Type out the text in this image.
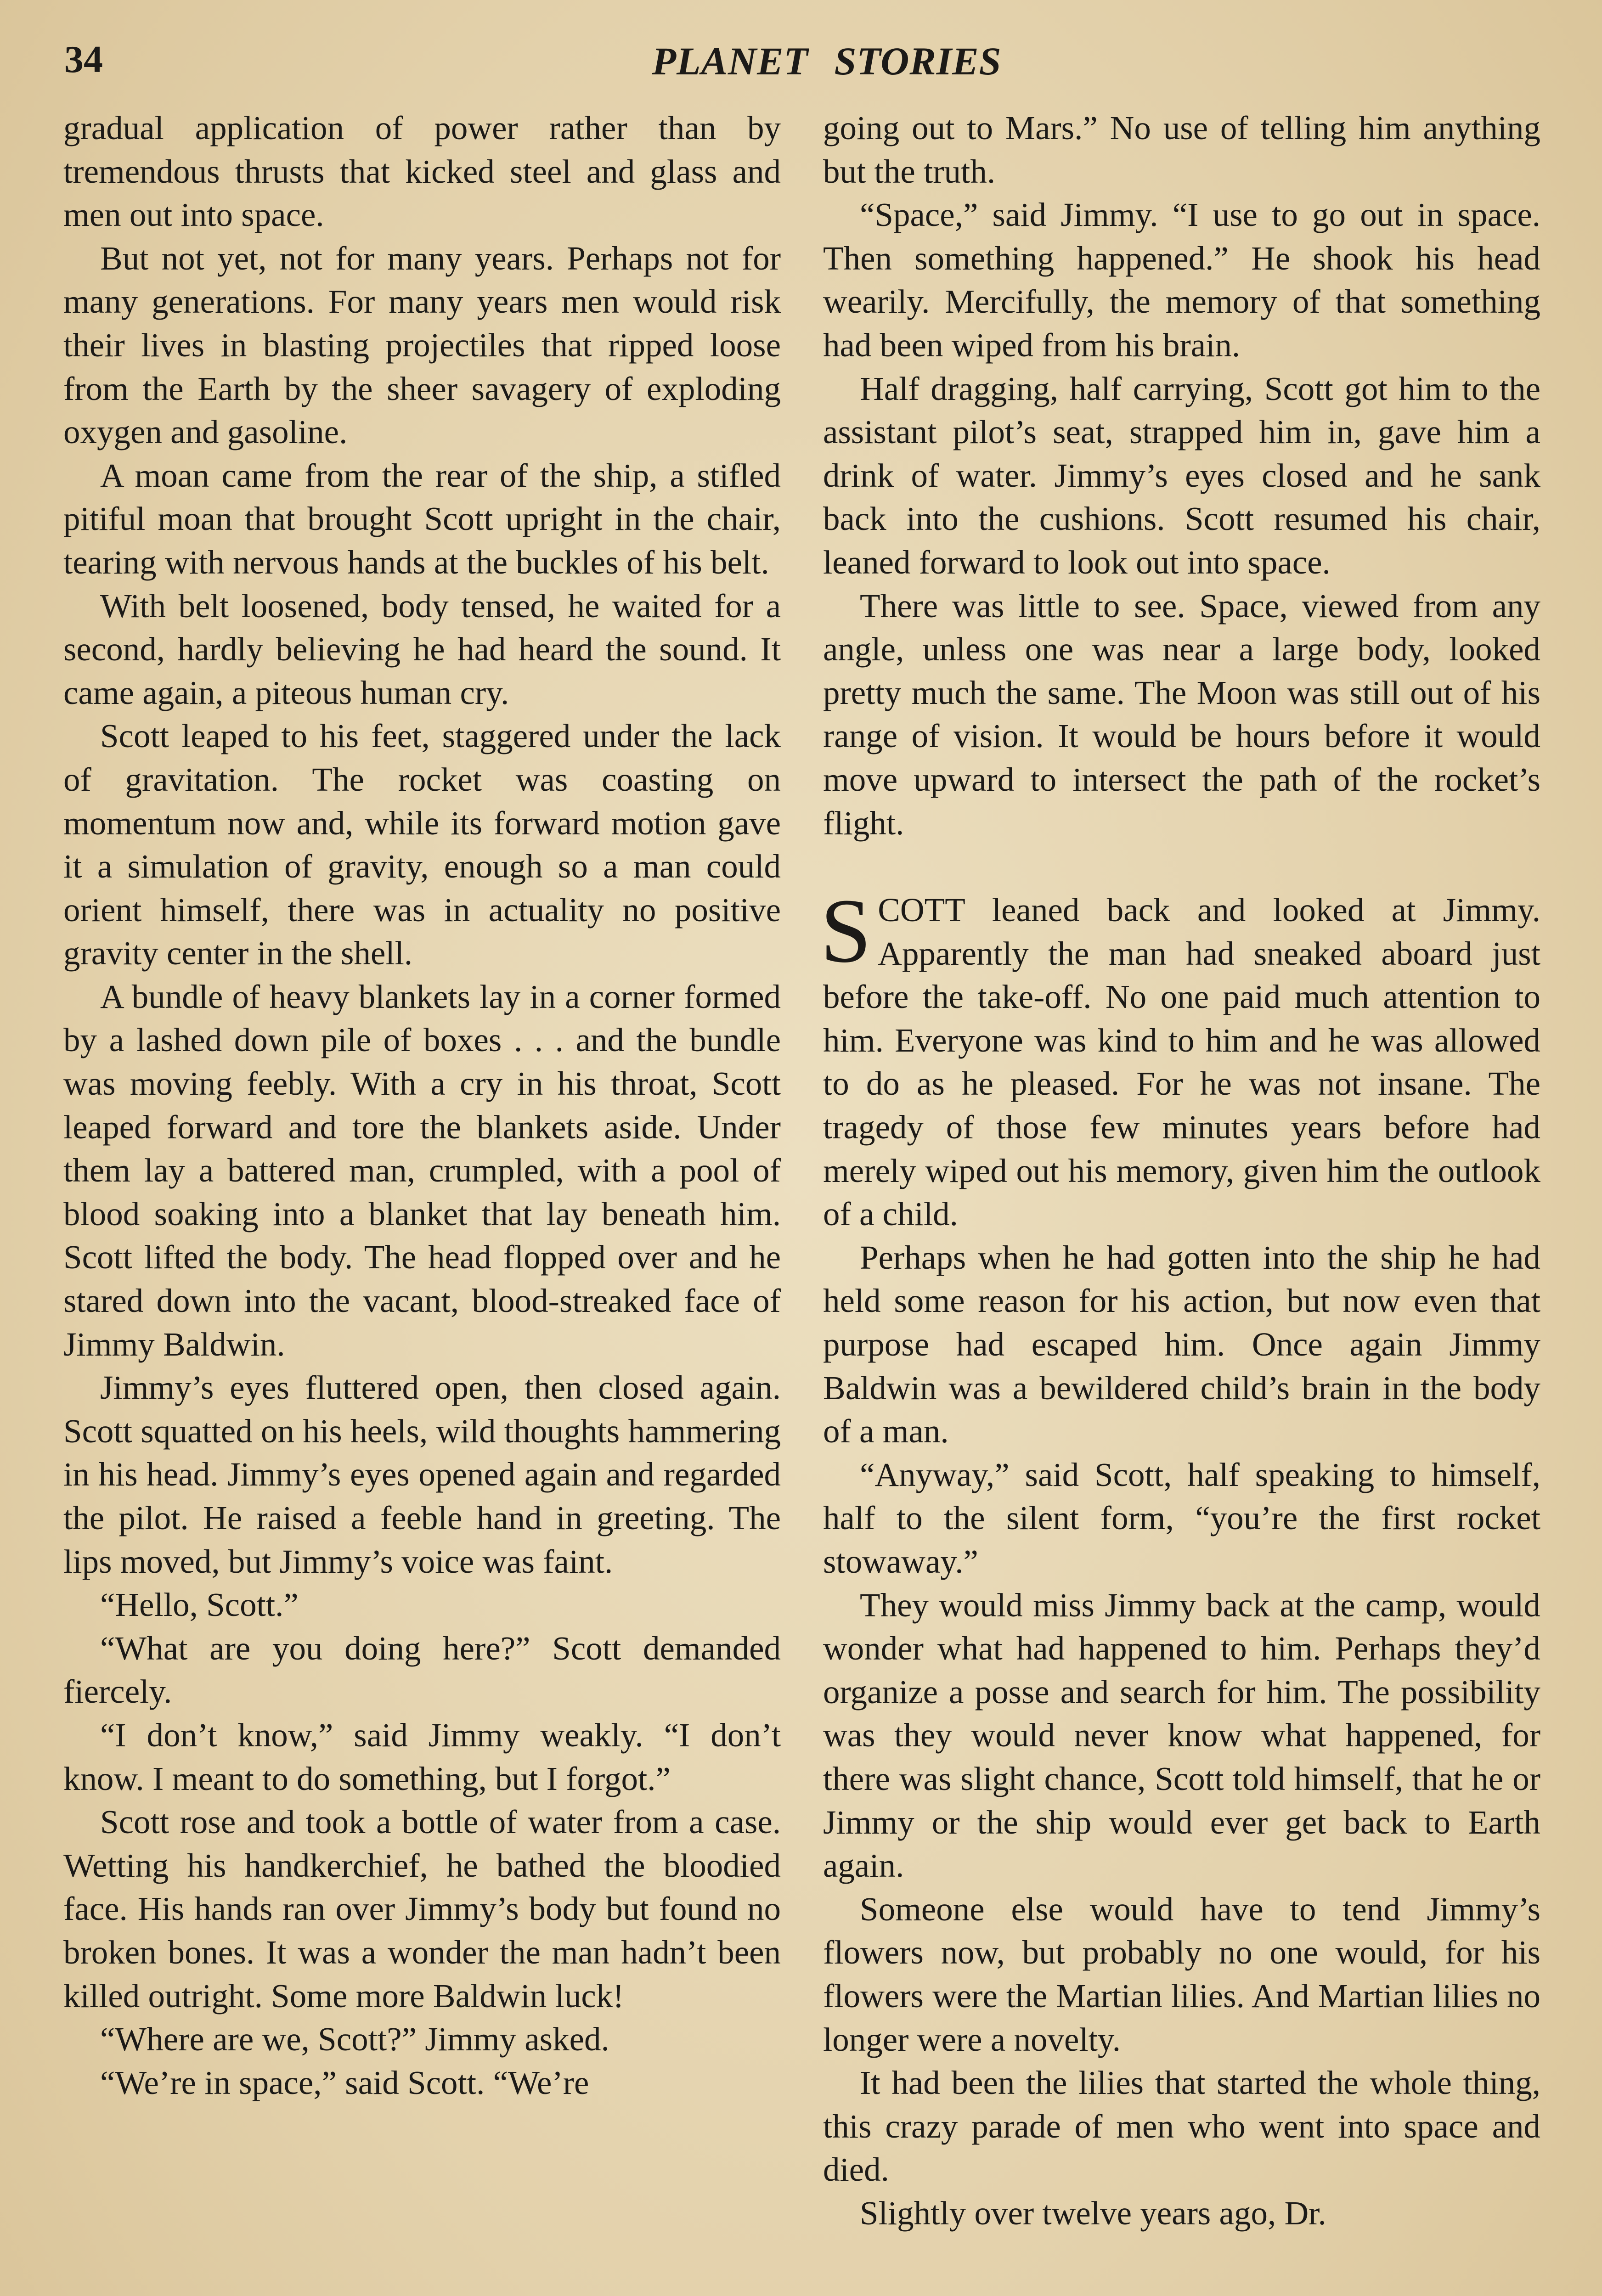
34	PLANET STORIES

gradual application of power rather than by tremendous thrusts that kicked steel and glass and men out into space.

But not yet, not for many years. Perhaps not for many generations. For many years men would risk their lives in blasting projectiles that ripped loose from the Earth by the sheer savagery of exploding oxygen and gasoline.

A moan came from the rear of the ship, a stifled pitiful moan that brought Scott upright in the chair, tearing with nervous hands at the buckles of his belt.

With belt loosened, body tensed, he waited for a second, hardly believing he had heard the sound. It came again, a piteous human cry.

Scott leaped to his feet, staggered under the lack of gravitation. The rocket was coasting on momentum now and, while its forward motion gave it a simulation of gravity, enough so a man could orient himself, there was in actuality no positive gravity center in the shell.

A bundle of heavy blankets lay in a corner formed by a lashed down pile of boxes . . . and the bundle was moving feebly. With a cry in his throat, Scott leaped forward and tore the blankets aside. Under them lay a battered man, crumpled, with a pool of blood soaking into a blanket that lay beneath him. Scott lifted the body. The head flopped over and he stared down into the vacant, blood-streaked face of Jimmy Baldwin.

Jimmy’s eyes fluttered open, then closed again. Scott squatted on his heels, wild thoughts hammering in his head. Jimmy’s eyes opened again and regarded the pilot. He raised a feeble hand in greeting. The lips moved, but Jimmy’s voice was faint.

“Hello, Scott.”

“What are you doing here?” Scott demanded fiercely.

“I don’t know,” said Jimmy weakly. “I don’t know. I meant to do something, but I forgot.”

Scott rose and took a bottle of water from a case. Wetting his handkerchief, he bathed the bloodied face. His hands ran over Jimmy’s body but found no broken bones. It was a wonder the man hadn’t been killed outright. Some more Baldwin luck!

“Where are we, Scott?” Jimmy asked.

“We’re in space,” said Scott. “We’re

going out to Mars.” No use of telling him anything but the truth.

“Space,” said Jimmy. “I use to go out in space. Then something happened.” He shook his head wearily. Mercifully, the memory of that something had been wiped from his brain.

Half dragging, half carrying, Scott got him to the assistant pilot’s seat, strapped him in, gave him a drink of water. Jimmy’s eyes closed and he sank back into the cushions. Scott resumed his chair, leaned forward to look out into space.

There was little to see. Space, viewed from any angle, unless one was near a large body, looked pretty much the same. The Moon was still out of his range of vision. It would be hours before it would move upward to intersect the path of the rocket’s flight.

SCOTT leaned back and looked at Jimmy. Apparently the man had sneaked aboard just before the take-off. No one paid much attention to him. Everyone was kind to him and he was allowed to do as he pleased. For he was not insane. The tragedy of those few minutes years before had merely wiped out his memory, given him the outlook of a child.

Perhaps when he had gotten into the ship he had held some reason for his action, but now even that purpose had escaped him. Once again Jimmy Baldwin was a bewildered child’s brain in the body of a man.

“Anyway,” said Scott, half speaking to himself, half to the silent form, “you’re the first rocket stowaway.”

They would miss Jimmy back at the camp, would wonder what had happened to him. Perhaps they’d organize a posse and search for him. The possibility was they would never know what happened, for there was slight chance, Scott told himself, that he or Jimmy or the ship would ever get back to Earth again.

Someone else would have to tend Jimmy’s flowers now, but probably no one would, for his flowers were the Martian lilies. And Martian lilies no longer were a novelty.

It had been the lilies that started the whole thing, this crazy parade of men who went into space and died.

Slightly over twelve years ago, Dr.
